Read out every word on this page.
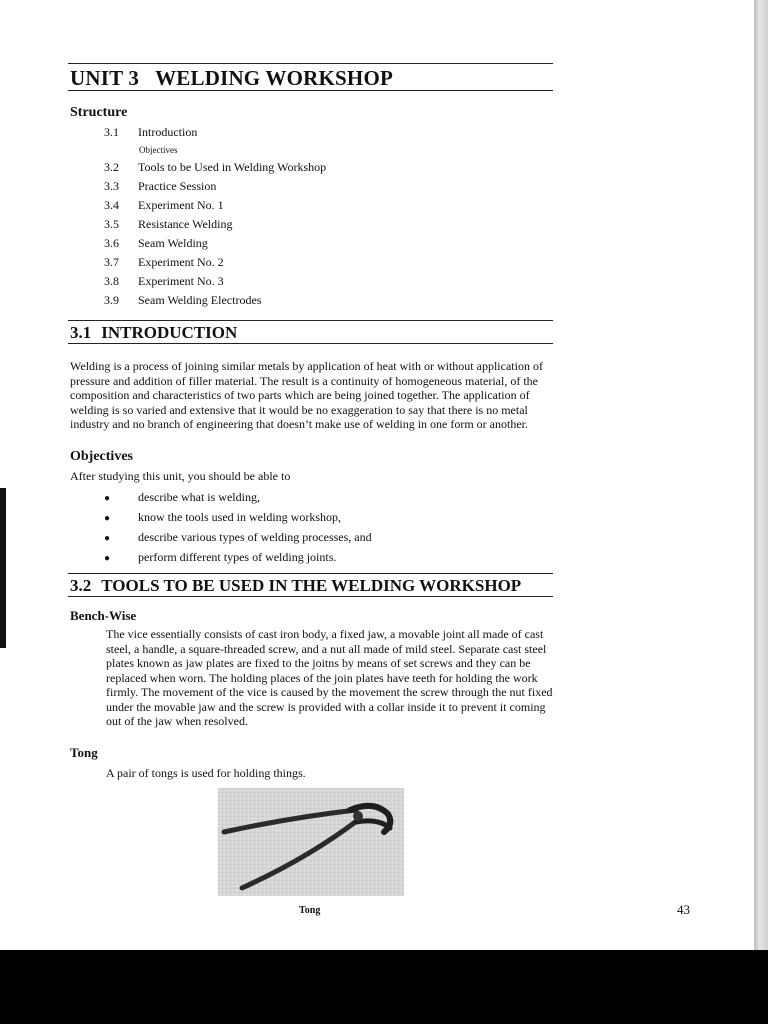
UNIT 3 WELDING WORKSHOP
Structure
3.1 Introduction
Objectives
3.2 Tools to be Used in Welding Workshop
3.3 Practice Session
3.4 Experiment No. 1
3.5 Resistance Welding
3.6 Seam Welding
3.7 Experiment No. 2
3.8 Experiment No. 3
3.9 Seam Welding Electrodes
3.1 INTRODUCTION
Welding is a process of joining similar metals by application of heat with or without application of pressure and addition of filler material. The result is a continuity of homogeneous material, of the composition and characteristics of two parts which are being joined together. The application of welding is so varied and extensive that it would be no exaggeration to say that there is no metal industry and no branch of engineering that doesn’t make use of welding in one form or another.
Objectives
After studying this unit, you should be able to
● describe what is welding,
● know the tools used in welding workshop,
● describe various types of welding processes, and
● perform different types of welding joints.
3.2 TOOLS TO BE USED IN THE WELDING WORKSHOP
Bench-Wise
The vice essentially consists of cast iron body, a fixed jaw, a movable joint all made of cast steel, a handle, a square-threaded screw, and a nut all made of mild steel. Separate cast steel plates known as jaw plates are fixed to the joitns by means of set screws and they can be replaced when worn. The holding places of the join plates have teeth for holding the work firmly. The movement of the vice is caused by the movement the screw through the nut fixed under the movable jaw and the screw is provided with a collar inside it to prevent it coming out of the jaw when resolved.
Tong
A pair of tongs is used for holding things.
Tong	43
